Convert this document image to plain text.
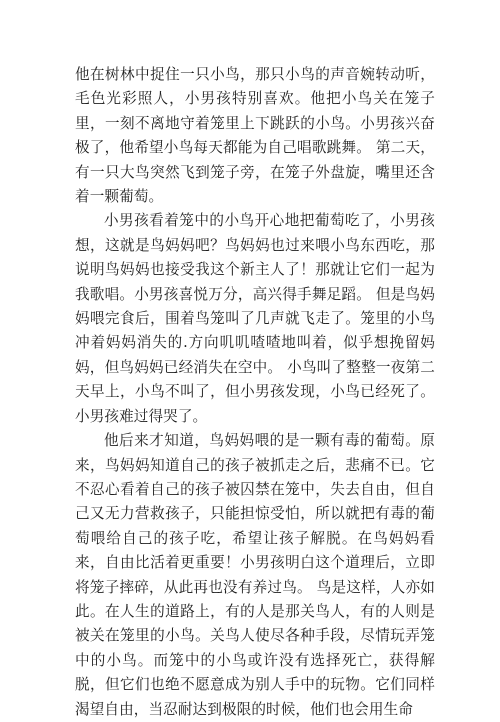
他在树林中捉住一只小鸟，那只小鸟的声音婉转动听，毛色光彩照人，小男孩特别喜欢。他把小鸟关在笼子里，一刻不离地守着笼里上下跳跃的小鸟。小男孩兴奋极了，他希望小鸟每天都能为自己唱歌跳舞。 第二天，有一只大鸟突然飞到笼子旁，在笼子外盘旋，嘴里还含着一颗葡萄。

小男孩看着笼中的小鸟开心地把葡萄吃了，小男孩想，这就是鸟妈妈吧？鸟妈妈也过来喂小鸟东西吃，那说明鸟妈妈也接受我这个新主人了！那就让它们一起为我歌唱。小男孩喜悦万分，高兴得手舞足蹈。 但是鸟妈妈喂完食后，围着鸟笼叫了几声就飞走了。笼里的小鸟冲着妈妈消失的.方向叽叽喳喳地叫着，似乎想挽留妈妈，但鸟妈妈已经消失在空中。 小鸟叫了整整一夜第二天早上，小鸟不叫了，但小男孩发现，小鸟已经死了。小男孩难过得哭了。

他后来才知道，鸟妈妈喂的是一颗有毒的葡萄。原来，鸟妈妈知道自己的孩子被抓走之后，悲痛不已。它不忍心看着自己的孩子被囚禁在笼中，失去自由，但自己又无力营救孩子，只能担惊受怕，所以就把有毒的葡萄喂给自己的孩子吃，希望让孩子解脱。在鸟妈妈看来，自由比活着更重要！小男孩明白这个道理后，立即将笼子摔碎，从此再也没有养过鸟。 鸟是这样，人亦如此。在人生的道路上，有的人是那关鸟人，有的人则是被关在笼里的小鸟。关鸟人使尽各种手段，尽情玩弄笼中的小鸟。而笼中的小鸟或许没有选择死亡，获得解脱，但它们也绝不愿意成为别人手中的玩物。它们同样渴望自由，当忍耐达到极限的时候，他们也会用生命
